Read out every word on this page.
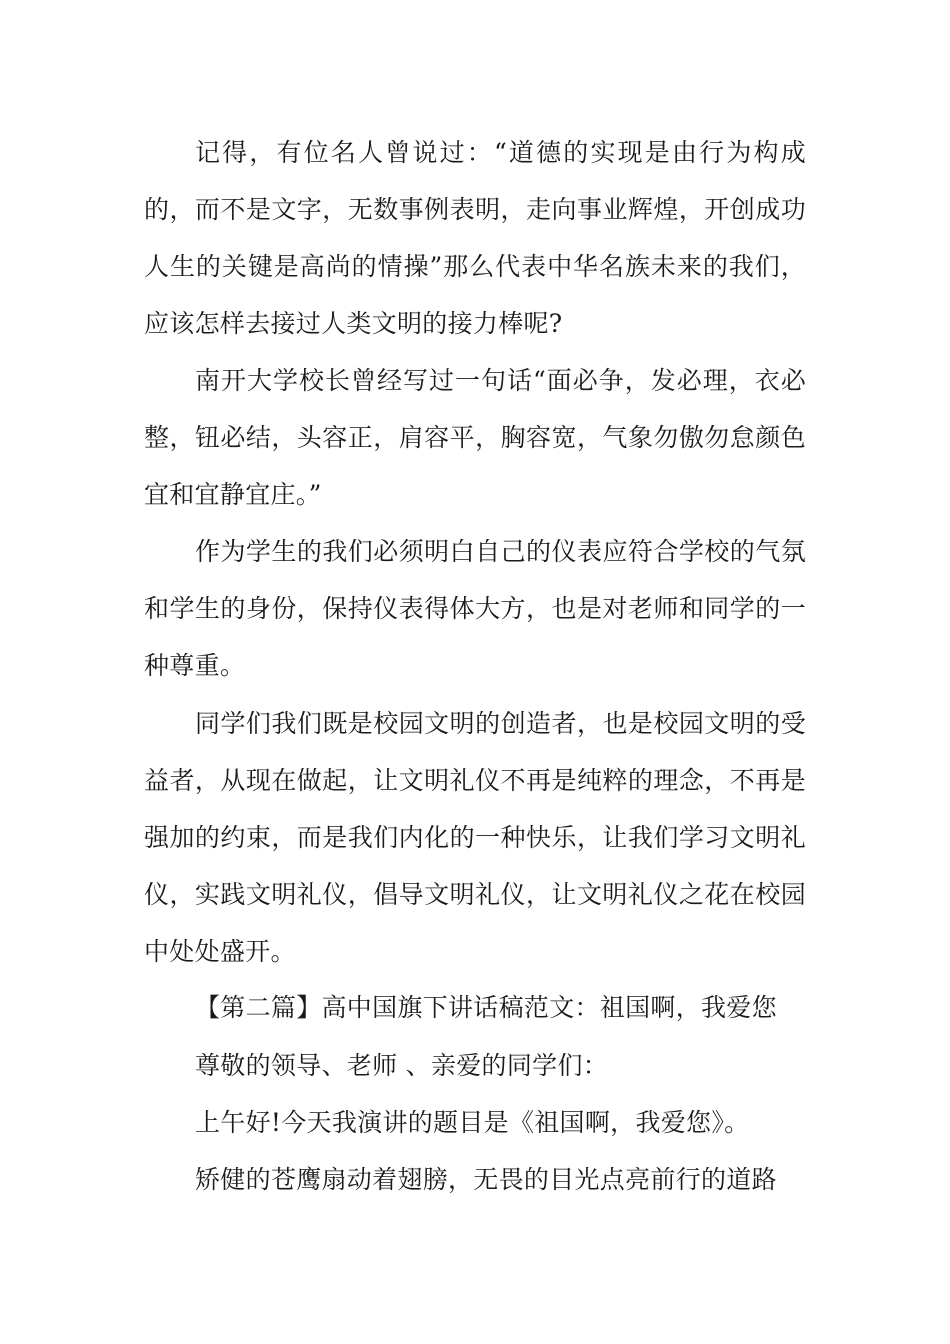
记得，有位名人曾说过：“道德的实现是由行为构成的，而不是文字，无数事例表明，走向事业辉煌，开创成功人生的关键是高尚的情操”那么代表中华名族未来的我们，应该怎样去接过人类文明的接力棒呢?

南开大学校长曾经写过一句话“面必争，发必理，衣必整，钮必结，头容正，肩容平，胸容宽，气象勿傲勿怠颜色宜和宜静宜庄。”

作为学生的我们必须明白自己的仪表应符合学校的气氛和学生的身份，保持仪表得体大方，也是对老师和同学的一种尊重。

同学们我们既是校园文明的创造者，也是校园文明的受益者，从现在做起，让文明礼仪不再是纯粹的理念，不再是强加的约束，而是我们内化的一种快乐，让我们学习文明礼仪，实践文明礼仪，倡导文明礼仪，让文明礼仪之花在校园中处处盛开。

【第二篇】高中国旗下讲话稿范文：祖国啊，我爱您

尊敬的领导、老师 、亲爱的同学们：

上午好!今天我演讲的题目是《祖国啊，我爱您》。

矫健的苍鹰扇动着翅膀，无畏的目光点亮前行的道路
